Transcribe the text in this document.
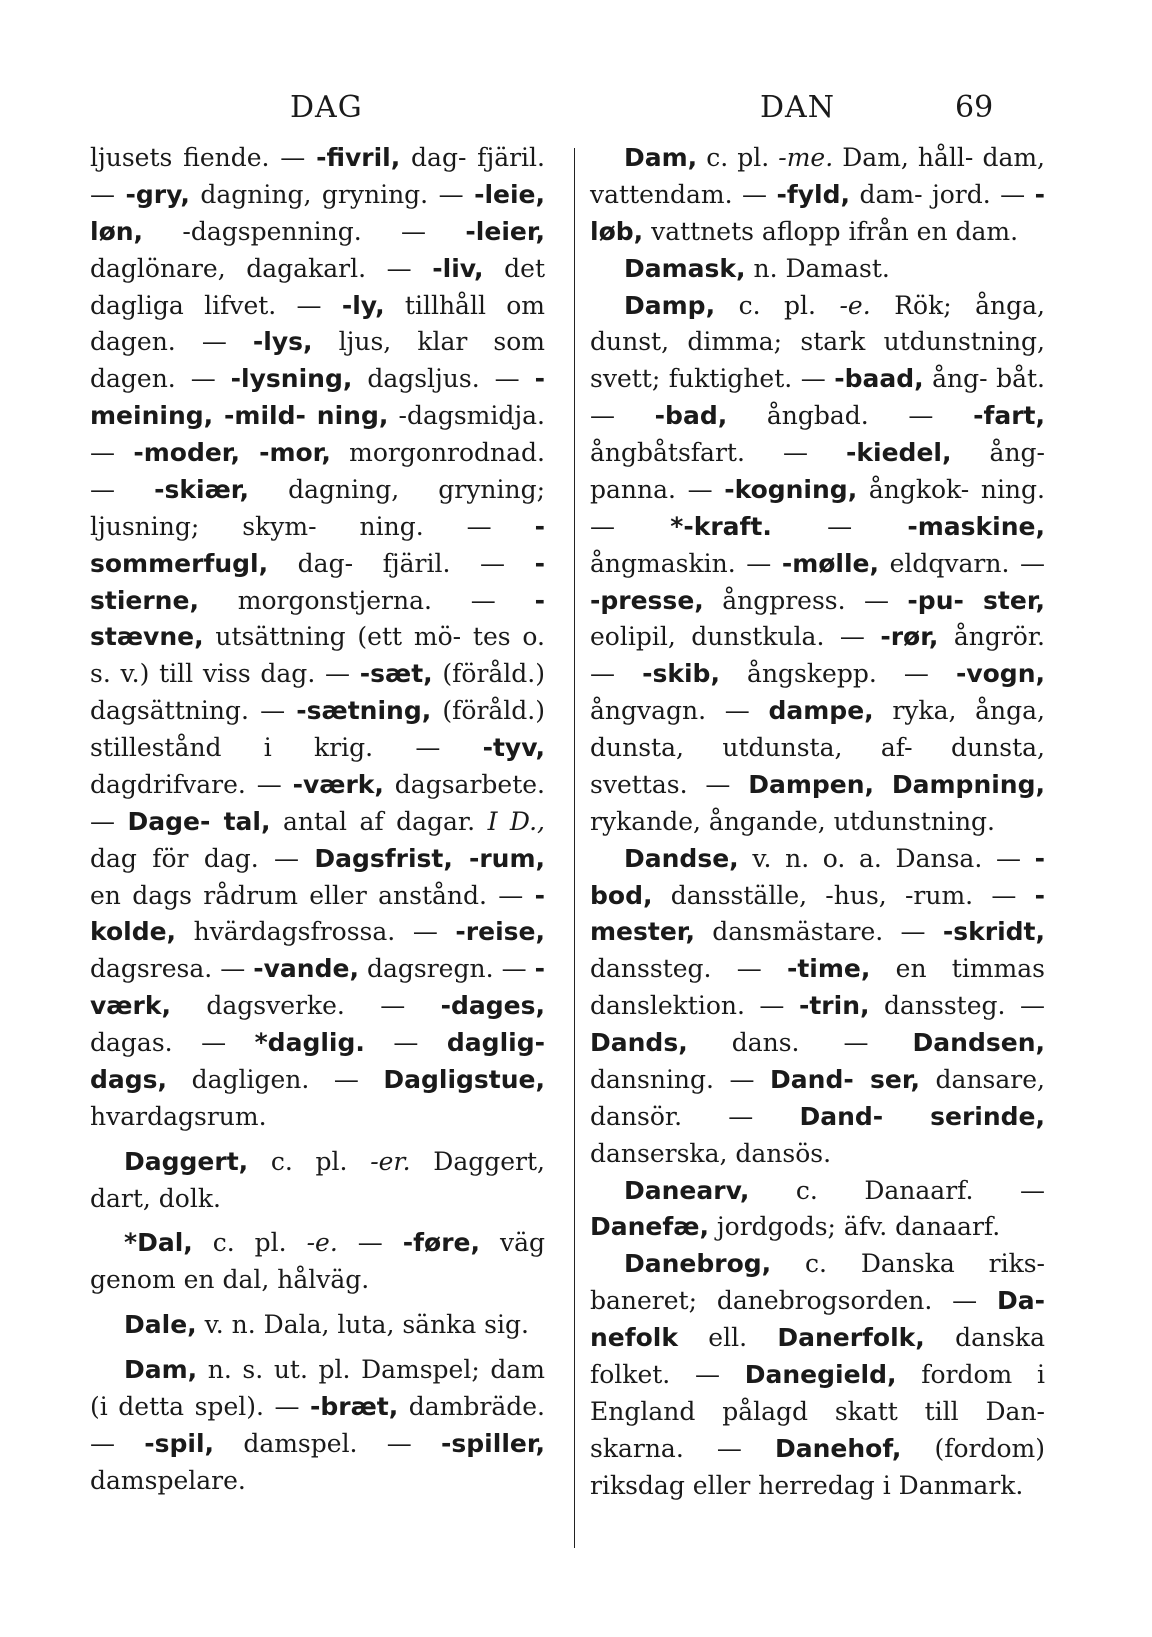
DAG	DAN	69

ljusets fiende. — -fivril, dag- fjäril. — -gry, dagning, gryning. — -leie, løn, -dagspenning. — -leier, daglönare, dagakarl. — -liv, det dagliga lifvet. — -ly, tillhåll om dagen. — -lys, ljus, klar som dagen. — -lysning, dagsljus. — -meining, -mild- ning, -dagsmidja. — -moder, -mor, morgonrodnad. — -skiær, dagning, gryning; ljusning; skym- ning. — -sommerfugl, dag- fjäril. — -stierne, morgonstjerna. — -stævne, utsättning (ett mö- tes o. s. v.) till viss dag. — -sæt, (föråld.) dagsättning. — -sætning, (föråld.) stillestånd i krig. — -tyv, dagdrifvare. — -værk, dagsarbete. — Dage- tal, antal af dagar. I D., dag för dag. — Dagsfrist, -rum, en dags rådrum eller anstånd. — -kolde, hvärdagsfrossa. — -reise, dagsresa. — -vande, dagsregn. — -værk, dagsverke. — -dages, dagas. — *daglig. — daglig- dags, dagligen. — Dagligstue, hvardagsrum.

Daggert, c. pl. -er. Daggert, dart, dolk.

*Dal, c. pl. -e. — -føre, väg genom en dal, hålväg.

Dale, v. n. Dala, luta, sänka sig.

Dam, n. s. ut. pl. Damspel; dam (i detta spel). — -bræt, dambräde. — -spil, damspel. — -spiller, damspelare.

Dam, c. pl. -me. Dam, håll- dam, vattendam. — -fyld, dam- jord. — -løb, vattnets aflopp ifrån en dam.

Damask, n. Damast.

Damp, c. pl. -e. Rök; ånga, dunst, dimma; stark utdunstning, svett; fuktighet. — -baad, ång- båt. — -bad, ångbad. — -fart, ångbåtsfart. — -kiedel, ång- panna. — -kogning, ångkok- ning. — *-kraft. — -maskine, ångmaskin. — -mølle, eldqvarn. — -presse, ångpress. — -pu- ster, eolipil, dunstkula. — -rør, ångrör. — -skib, ångskepp. — -vogn, ångvagn. — dampe, ryka, ånga, dunsta, utdunsta, af- dunsta, svettas. — Dampen, Dampning, rykande, ångande, utdunstning.

Dandse, v. n. o. a. Dansa. — -bod, dansställe, -hus, -rum. — -mester, dansmästare. — -skridt, danssteg. — -time, en timmas danslektion. — -trin, danssteg. — Dands, dans. — Dandsen, dansning. — Dand- ser, dansare, dansör. — Dand- serinde, danserska, dansös.

Danearv, c. Danaarf. — Danefæ, jordgods; äfv. danaarf.

Danebrog, c. Danska riks- baneret; danebrogsorden. — Da- nefolk ell. Danerfolk, danska folket. — Danegield, fordom i England pålagd skatt till Dan- skarna. — Danehof, (fordom) riksdag eller herredag i Danmark.
